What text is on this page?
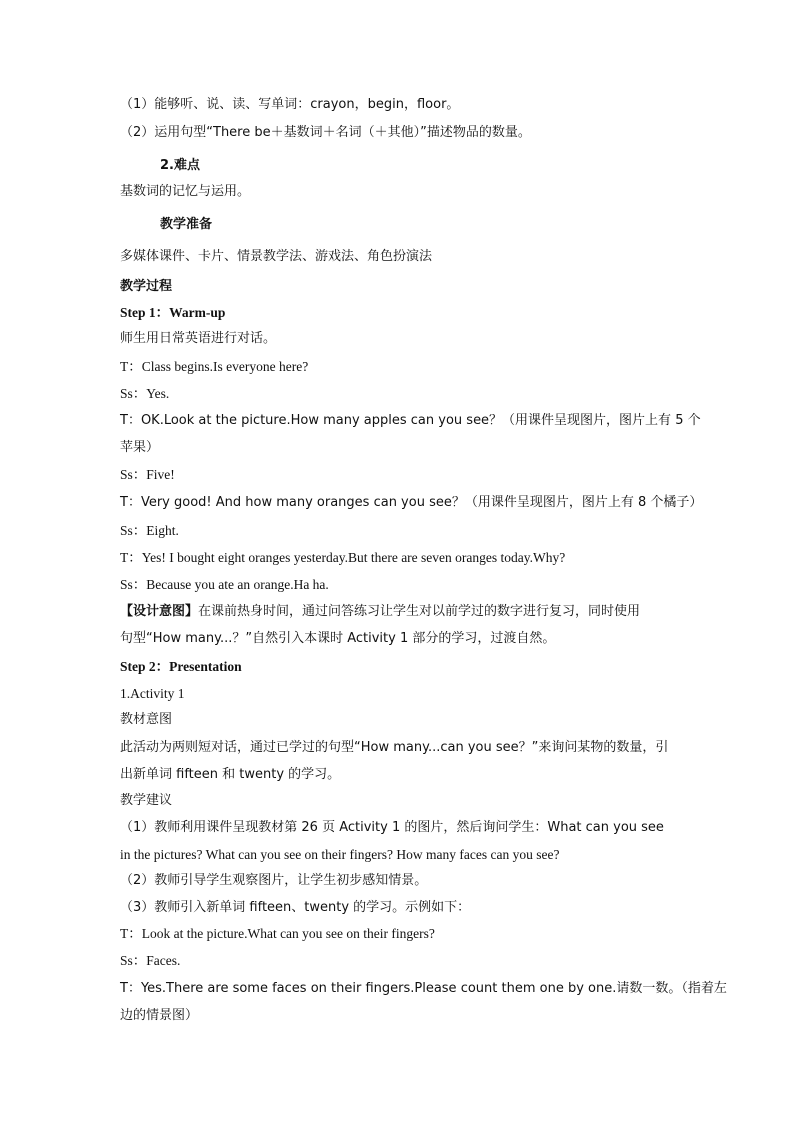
（1）能够听、说、读、写单词：crayon，begin，floor。
（2）运用句型“There be＋基数词＋名词（＋其他）”描述物品的数量。
2.难点
基数词的记忆与运用。
教学准备
多媒体课件、卡片、情景教学法、游戏法、角色扮演法
教学过程
Step 1：Warm-up
师生用日常英语进行对话。
T：Class begins.Is everyone here?
Ss：Yes.
T：OK.Look at the picture.How many apples can you see？（用课件呈现图片，图片上有 5 个
苹果）
Ss：Five!
T：Very good! And how many oranges can you see？（用课件呈现图片，图片上有 8 个橘子）
Ss：Eight.
T：Yes! I bought eight oranges yesterday.But there are seven oranges today.Why?
Ss：Because you ate an orange.Ha ha.
【设计意图】在课前热身时间，通过问答练习让学生对以前学过的数字进行复习，同时使用
句型“How many...？”自然引入本课时 Activity 1 部分的学习，过渡自然。
Step 2：Presentation
1.Activity 1
教材意图
此活动为两则短对话，通过已学过的句型“How many...can you see？”来询问某物的数量，引
出新单词 fifteen 和 twenty 的学习。
教学建议
（1）教师利用课件呈现教材第 26 页 Activity 1 的图片，然后询问学生：What can you see
in the pictures? What can you see on their fingers? How many faces can you see?
（2）教师引导学生观察图片，让学生初步感知情景。
（3）教师引入新单词 fifteen、twenty 的学习。示例如下：
T：Look at the picture.What can you see on their fingers?
Ss：Faces.
T：Yes.There are some faces on their fingers.Please count them one by one.请数一数。（指着左
边的情景图）
